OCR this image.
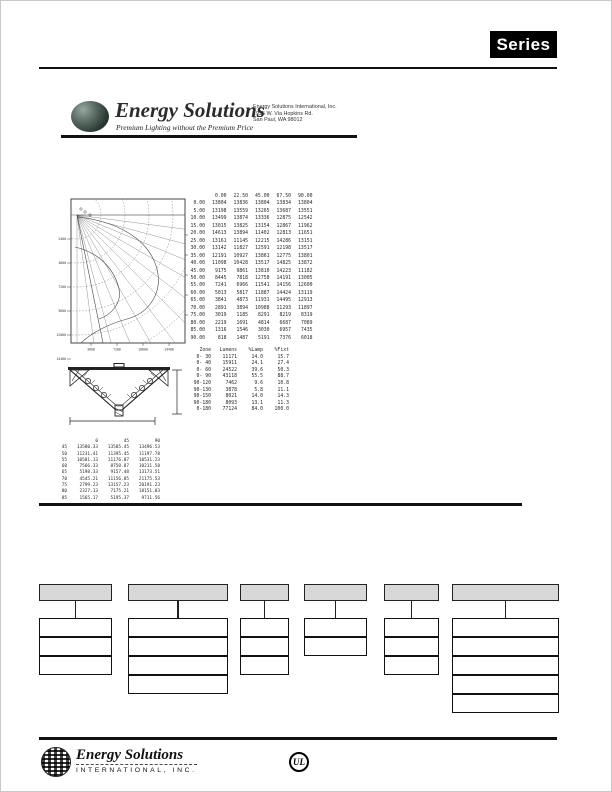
Series
Energy Solutions
Premium Lighting without the Premium Price
Energy Solutions International, Inc.
1935 W. Via Hopkins Rd.
San Paul, WA 98012
2400
4800
7200
9600
12000
14400
3600	7200	10800	14400
	0.00	22.50	45.00	67.50	90.00
0.00	13804	13836	13804	13834	13804
5.00	13198	13559	13265	13687	13551
10.00	13499	13874	13336	12875	12542
15.00	13015	13825	13154	12867	11962
20.00	14613	13894	11402	12813	11651
25.00	13161	11145	12215	14286	13151
30.00	13142	11827	12591	12198	13517
35.00	12191	10927	13861	12775	13801
40.00	11098	10428	13517	14825	13872
45.00	9175	9861	13810	14223	11182
50.00	8445	7818	12758	14191	13005
55.00	7241	6966	11541	14156	12600
60.00	5013	5817	11887	14424	13119
65.00	3841	4873	11931	14495	12913
70.00	2891	3894	10988	11293	11897
75.00	3019	1185	8291	8219	8319
80.00	2219	1691	4814	6687	7089
85.00	1316	1546	3030	6957	7435
90.00	818	1487	5191	7376	6018
Zone	Lumens	%Lamp	%Fixt
0- 30	11171	14.0	15.7
0- 40	15911	24.1	27.4
0- 60	24522	39.6	50.3
0- 90	43118	55.5	88.7
90-120	7462	9.6	10.8
90-130	3878	5.8	11.1
90-150	8021	14.0	14.3
90-180	8093	13.1	11.3
0-180	77124	84.0	100.0
	0	45	90
45	13580.33	13585.45	13496.53
50	11231.41	11395.45	11197.78
55	10581.13	11176.87	10531.23
60	7566.33	8750.87	10211.58
65	5198.33	9157.48	13173.51
70	4545.21	11156.85	21175.53
75	2799.23	13157.23	20191.23
80	2327.13	7175.21	18151.83
85	1565.17	5195.37	9711.56
Energy Solutions
INTERNATIONAL, INC.
UL
